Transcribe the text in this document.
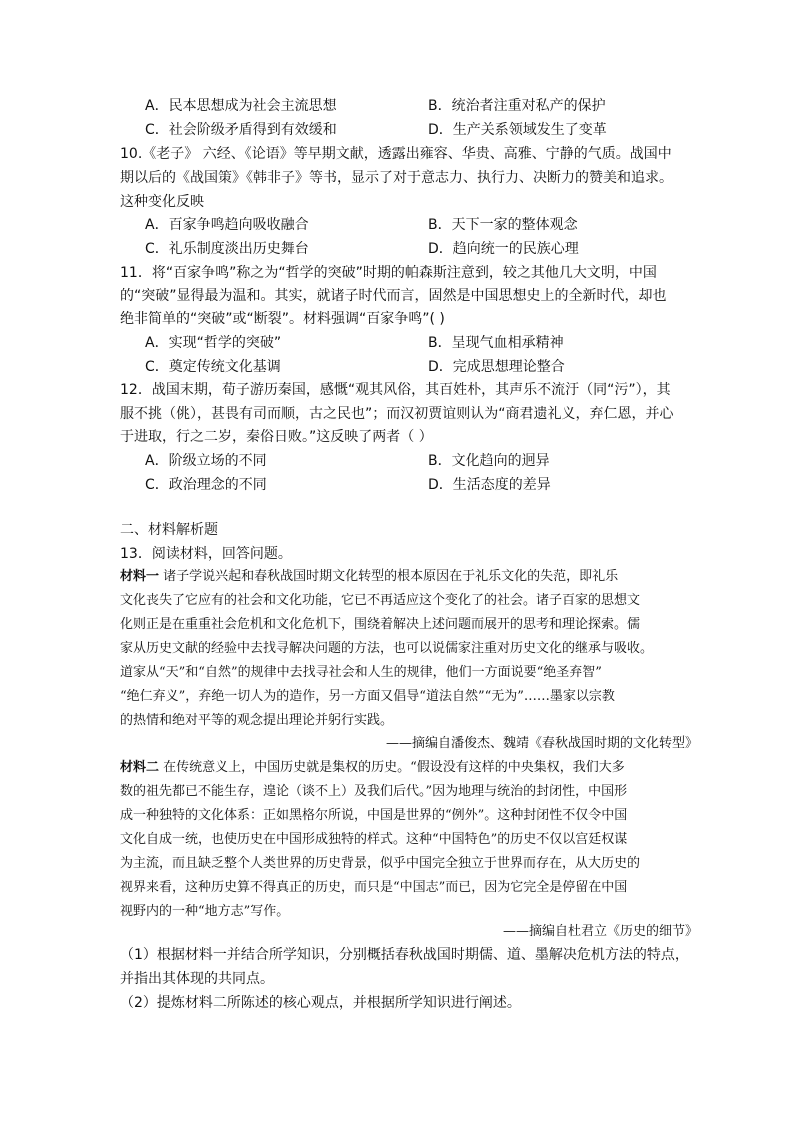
A．民本思想成为社会主流思想	B．统治者注重对私产的保护
C．社会阶级矛盾得到有效缓和	D．生产关系领域发生了变革
10.《老子》 六经、《论语》等早期文献，透露出雍容、华贵、高雅、宁静的气质。战国中
期以后的《战国策》《韩非子》等书，显示了对于意志力、执行力、决断力的赞美和追求。
这种变化反映
A．百家争鸣趋向吸收融合	B．天下一家的整体观念
C．礼乐制度淡出历史舞台	D．趋向统一的民族心理
11．将“百家争鸣”称之为“哲学的突破”时期的帕森斯注意到，较之其他几大文明，中国
的“突破”显得最为温和。其实，就诸子时代而言，固然是中国思想史上的全新时代，却也
绝非简单的“突破”或“断裂”。材料强调“百家争鸣”( )
A．实现“哲学的突破”	B．呈现气血相承精神
C．奠定传统文化基调	D．完成思想理论整合
12．战国末期，荀子游历秦国，感慨“观其风俗，其百姓朴，其声乐不流汙（同“污”），其
服不挑（佻），甚畏有司而顺，古之民也”；而汉初贾谊则认为“商君遗礼义，弃仁恩，并心
于进取，行之二岁，秦俗日败。”这反映了两者（ ）
A．阶级立场的不同	B．文化趋向的迥异
C．政治理念的不同	D．生活态度的差异
二、材料解析题
13．阅读材料，回答问题。
材料一 诸子学说兴起和春秋战国时期文化转型的根本原因在于礼乐文化的失范，即礼乐
文化丧失了它应有的社会和文化功能，它已不再适应这个变化了的社会。诸子百家的思想文
化则正是在重重社会危机和文化危机下，围绕着解决上述问题而展开的思考和理论探索。儒
家从历史文献的经验中去找寻解决问题的方法，也可以说儒家注重对历史文化的继承与吸收。
道家从“天”和“自然”的规律中去找寻社会和人生的规律，他们一方面说要“绝圣弃智”
“绝仁弃义”，弃绝一切人为的造作，另一方面又倡导“道法自然”“无为”……墨家以宗教
的热情和绝对平等的观念提出理论并躬行实践。
——摘编自潘俊杰、魏靖《春秋战国时期的文化转型》
材料二 在传统意义上，中国历史就是集权的历史。“假设没有这样的中央集权，我们大多
数的祖先都已不能生存，遑论（谈不上）及我们后代。”因为地理与统治的封闭性，中国形
成一种独特的文化体系：正如黑格尔所说，中国是世界的“例外”。这种封闭性不仅令中国
文化自成一统，也使历史在中国形成独特的样式。这种“中国特色”的历史不仅以宫廷权谋
为主流，而且缺乏整个人类世界的历史背景，似乎中国完全独立于世界而存在，从大历史的
视界来看，这种历史算不得真正的历史，而只是“中国志”而已，因为它完全是停留在中国
视野内的一种“地方志”写作。
——摘编自杜君立《历史的细节》
（1）根据材料一并结合所学知识，分别概括春秋战国时期儒、道、墨解决危机方法的特点，
并指出其体现的共同点。
（2）提炼材料二所陈述的核心观点，并根据所学知识进行阐述。
